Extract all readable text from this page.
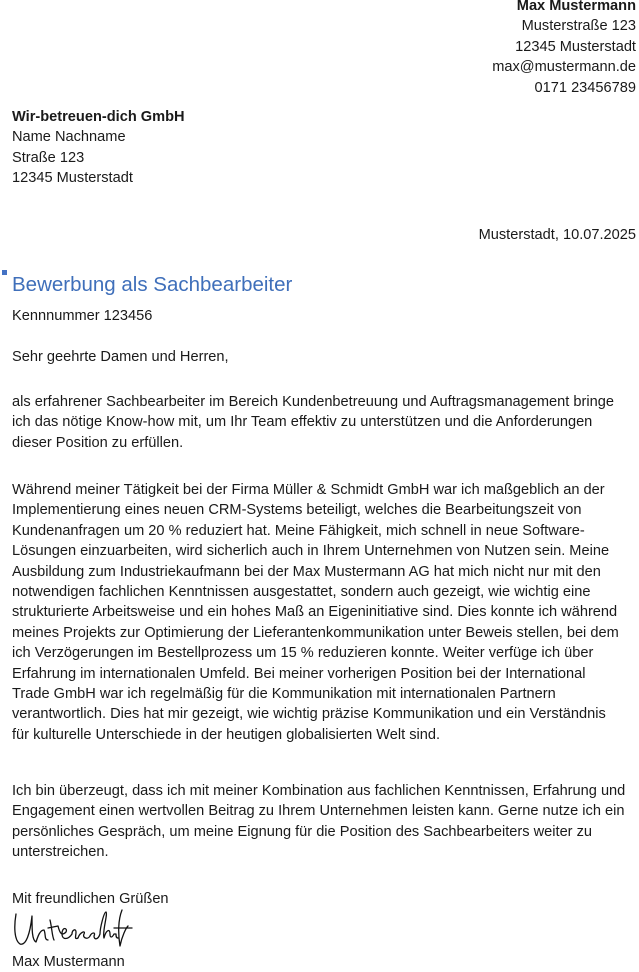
Max Mustermann
Musterstraße 123
12345 Musterstadt
max@mustermann.de
0171 23456789
Wir-betreuen-dich GmbH
Name Nachname
Straße 123
12345 Musterstadt
Musterstadt, 10.07.2025
Bewerbung als Sachbearbeiter
Kennnummer 123456
Sehr geehrte Damen und Herren,

als erfahrener Sachbearbeiter im Bereich Kundenbetreuung und Auftragsmanagement bringe
ich das nötige Know-how mit, um Ihr Team effektiv zu unterstützen und die Anforderungen
dieser Position zu erfüllen.

Während meiner Tätigkeit bei der Firma Müller & Schmidt GmbH war ich maßgeblich an der
Implementierung eines neuen CRM-Systems beteiligt, welches die Bearbeitungszeit von
Kundenanfragen um 20 % reduziert hat. Meine Fähigkeit, mich schnell in neue Software-
Lösungen einzuarbeiten, wird sicherlich auch in Ihrem Unternehmen von Nutzen sein. Meine
Ausbildung zum Industriekaufmann bei der Max Mustermann AG hat mich nicht nur mit den
notwendigen fachlichen Kenntnissen ausgestattet, sondern auch gezeigt, wie wichtig eine
strukturierte Arbeitsweise und ein hohes Maß an Eigeninitiative sind. Dies konnte ich während
meines Projekts zur Optimierung der Lieferantenkommunikation unter Beweis stellen, bei dem
ich Verzögerungen im Bestellprozess um 15 % reduzieren konnte. Weiter verfüge ich über
Erfahrung im internationalen Umfeld. Bei meiner vorherigen Position bei der International
Trade GmbH war ich regelmäßig für die Kommunikation mit internationalen Partnern
verantwortlich. Dies hat mir gezeigt, wie wichtig präzise Kommunikation und ein Verständnis
für kulturelle Unterschiede in der heutigen globalisierten Welt sind.

Ich bin überzeugt, dass ich mit meiner Kombination aus fachlichen Kenntnissen, Erfahrung und
Engagement einen wertvollen Beitrag zu Ihrem Unternehmen leisten kann. Gerne nutze ich ein
persönliches Gespräch, um meine Eignung für die Position des Sachbearbeiters weiter zu
unterstreichen.

Mit freundlichen Grüßen
Max Mustermann
